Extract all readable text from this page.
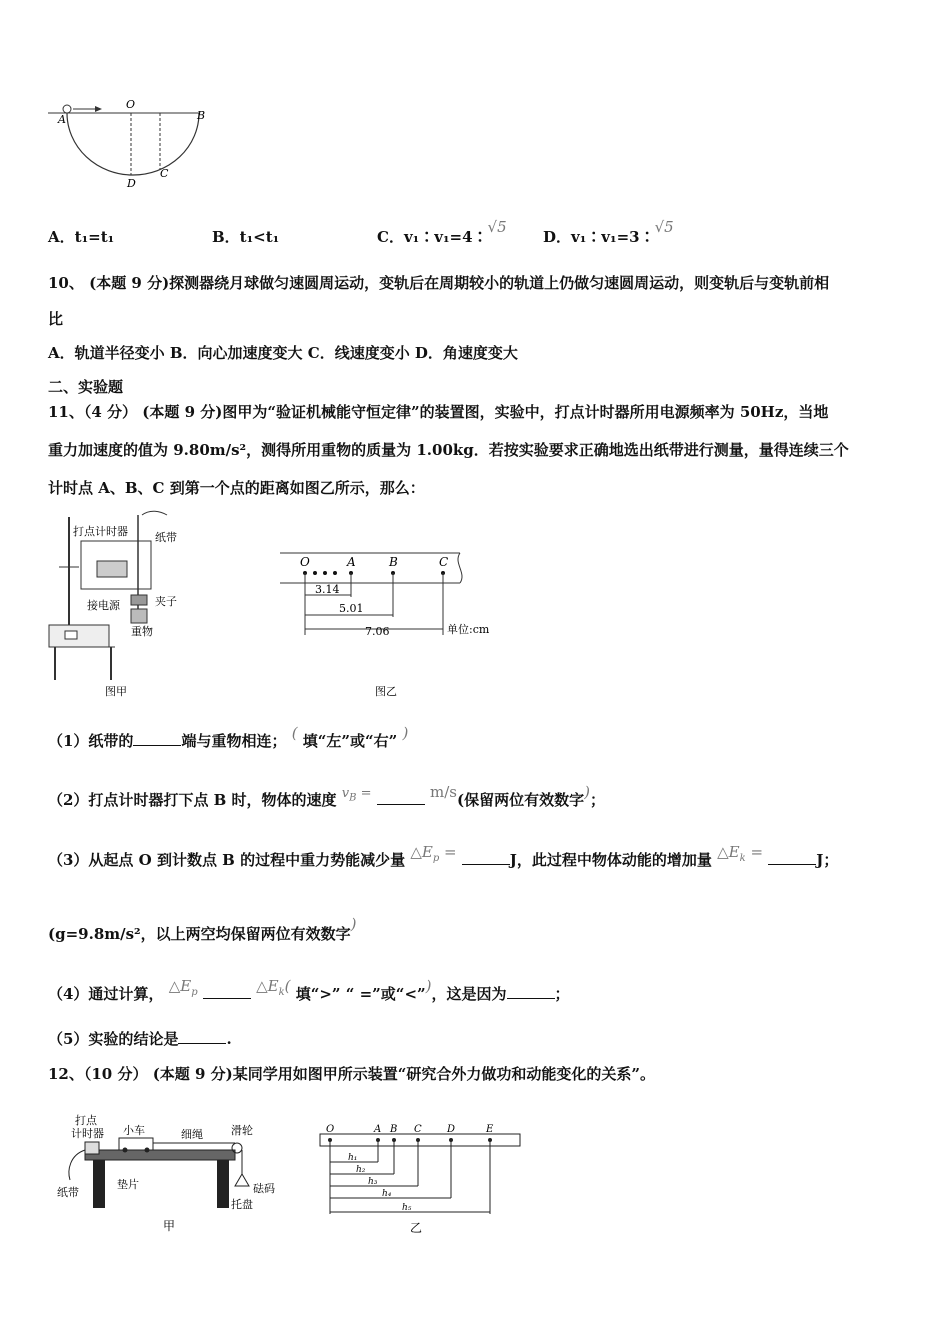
A
O
B
D
C
A．t₁=t₁	B．t₁<t₁	C．v₁∶v₁=4∶√5
D．v₁∶v₁=3∶√5
10、 (本题 9 分)探测器绕月球做匀速圆周运动，变轨后在周期较小的轨道上仍做匀速圆周运动，则变轨后与变轨前相
比
A．轨道半径变小 B．向心加速度变大 C．线速度变小 D．角速度变大
二、实验题
11、（4 分） (本题 9 分)图甲为“验证机械能守恒定律”的装置图，实验中，打点计时器所用电源频率为 50Hz，当地
重力加速度的值为 9.80m/s²，测得所用重物的质量为 1.00kg．若按实验要求正确地选出纸带进行测量，量得连续三个
计时点 A、B、C 到第一个点的距离如图乙所示，那么：
打点计时器 纸带
夹子
接电源
重物
图甲
O	A	B	C
3.14
5.01
7.06	单位:cm
图乙
（1）纸带的	端与重物相连； ( 填“左”或“右” )
（2）打点计时器打下点 B 时，物体的速度 $v_B$ =	m/s(保留两位有效数字)；
（3）从起点 O 到计数点 B 的过程中重力势能减少量 $\triangle E_p$ =	J，此过程中物体动能的增加量 $\triangle E_k$ =	J；
(g=9.8m/s²，以上两空均保留两位有效数字)
（4）通过计算， $\triangle E_p$	$\triangle E_k$( 填“>” “ =”或“<”)，这是因为	；
（5）实验的结论是	.
12、（10 分） (本题 9 分)某同学用如图甲所示装置“研究合外力做功和动能变化的关系”。
打点
计时器 小车	细绳	滑轮
纸带
垫片	砝码
托盘
甲
O	A B C	D	E
h₁
h₂
h₃
h₄
h₅
乙
